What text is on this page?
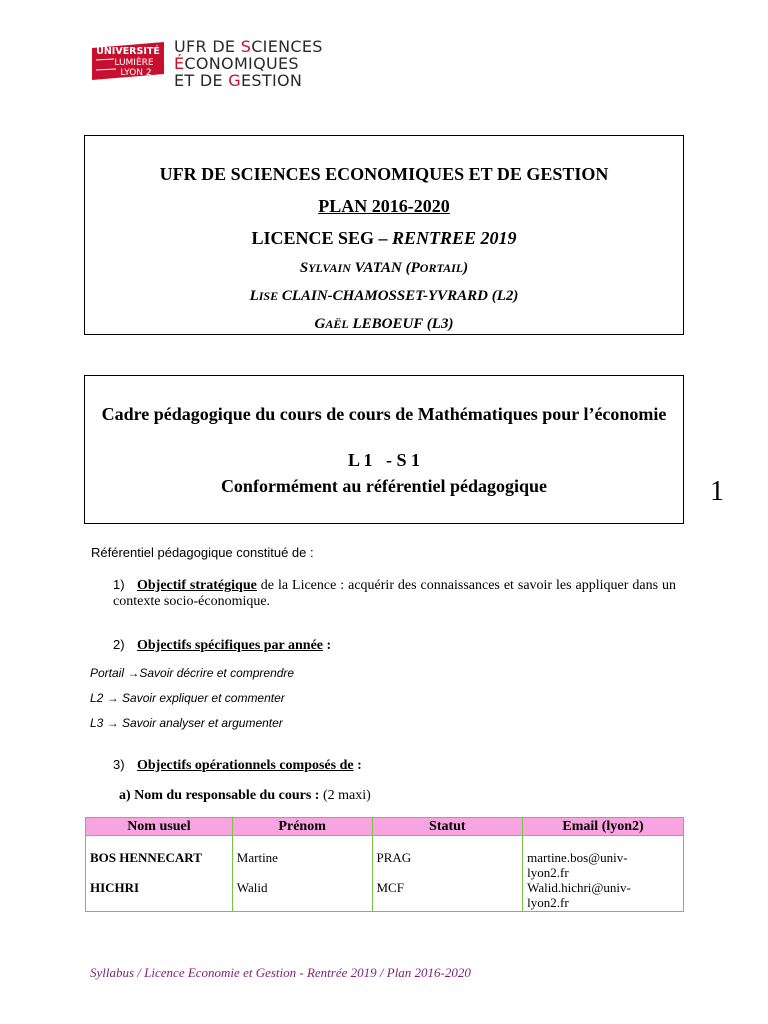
UNIVERSITÉ
LUMIÈRE
LYON 2
UFR DE SCIENCES
ÉCONOMIQUES
ET DE GESTION
UFR DE SCIENCES ECONOMIQUES ET DE GESTION
PLAN 2016-2020
LICENCE SEG – RENTREE 2019
SYLVAIN VATAN (PORTAIL)
LISE CLAIN-CHAMOSSET-YVRARD (L2)
GAËL LEBOEUF (L3)
Cadre pédagogique du cours de cours de Mathématiques pour l’économie
L 1   - S 1
Conformément au référentiel pédagogique	1
Référentiel pédagogique constitué de :
1) Objectif stratégique de la Licence : acquérir des connaissances et savoir les appliquer dans un contexte socio-économique.
2) Objectifs spécifiques par année :
Portail →Savoir décrire et comprendre
L2 → Savoir expliquer et commenter
L3 → Savoir analyser et argumenter
3) Objectifs opérationnels composés de :
a) Nom du responsable du cours : (2 maxi)
Nom usuel	Prénom	Statut	Email (lyon2)
BOS HENNECART	Martine	PRAG	martine.bos@univ-
lyon2.fr
HICHRI	Walid	MCF	Walid.hichri@univ-
lyon2.fr
Syllabus / Licence Economie et Gestion - Rentrée 2019 / Plan 2016-2020
